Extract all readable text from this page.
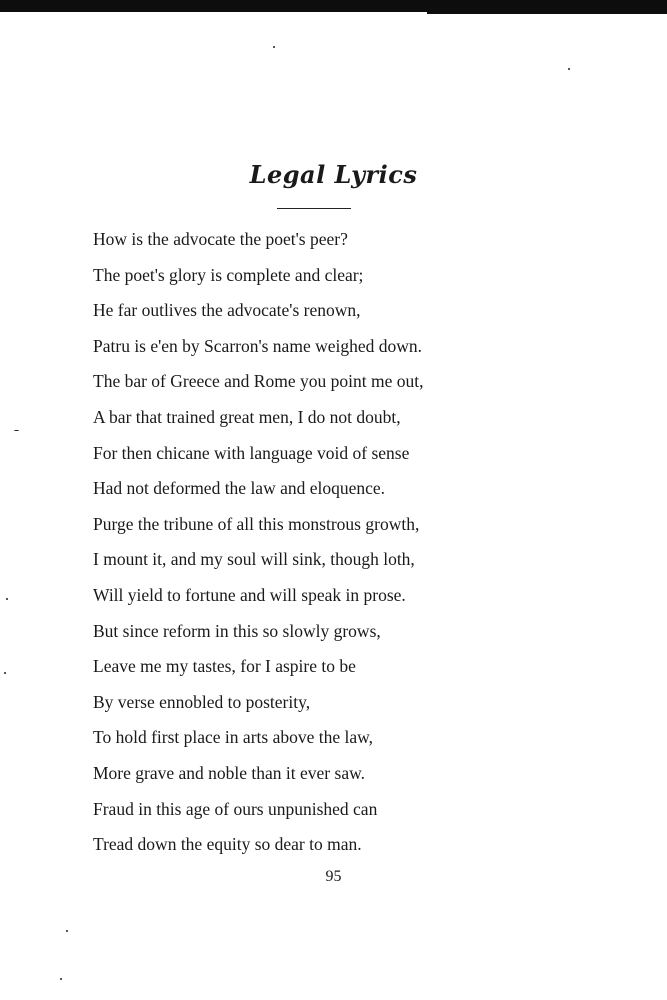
Legal Lyrics
How is the advocate the poet's peer?
The poet's glory is complete and clear;
He far outlives the advocate's renown,
Patru is e'en by Scarron's name weighed down.
The bar of Greece and Rome you point me out,
A bar that trained great men, I do not doubt,
For then chicane with language void of sense
Had not deformed the law and eloquence.
Purge the tribune of all this monstrous growth,
I mount it, and my soul will sink, though loth,
Will yield to fortune and will speak in prose.
But since reform in this so slowly grows,
Leave me my tastes, for I aspire to be
By verse ennobled to posterity,
To hold first place in arts above the law,
More grave and noble than it ever saw.
Fraud in this age of ours unpunished can
Tread down the equity so dear to man.
95
